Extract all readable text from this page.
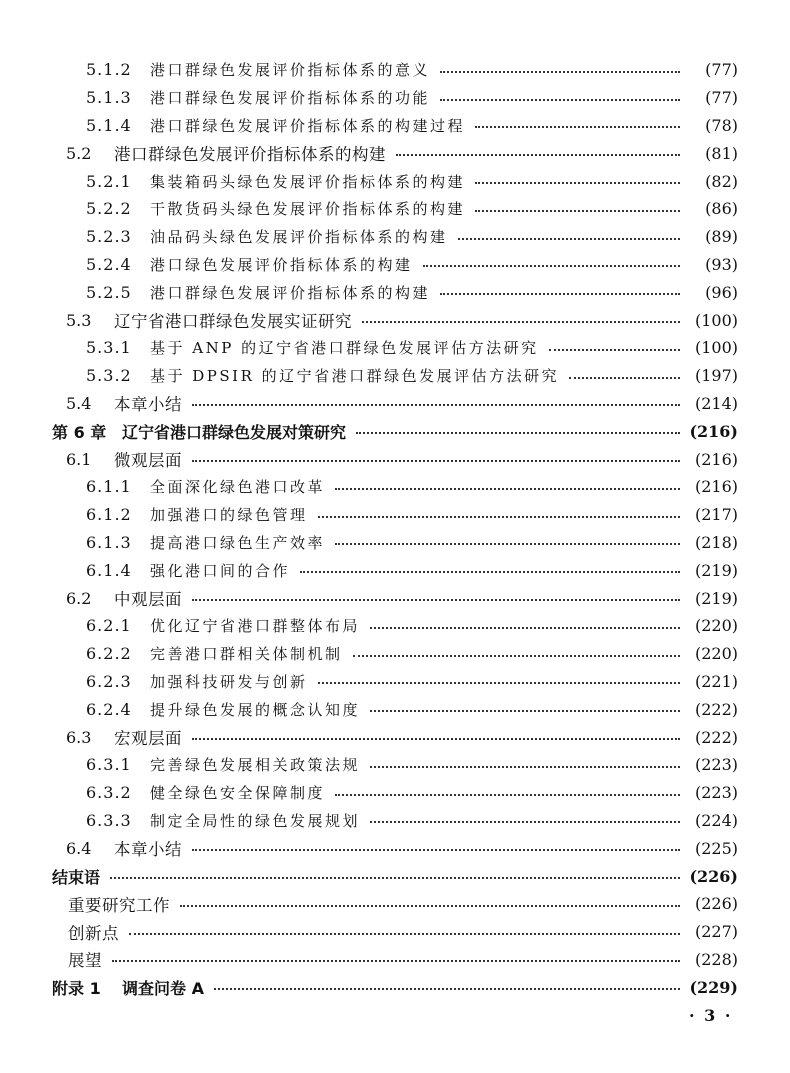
5.1.2	港口群绿色发展评价指标体系的意义	(77)
5.1.3	港口群绿色发展评价指标体系的功能	(77)
5.1.4	港口群绿色发展评价指标体系的构建过程	(78)
5.2	港口群绿色发展评价指标体系的构建	(81)
5.2.1	集装箱码头绿色发展评价指标体系的构建	(82)
5.2.2	干散货码头绿色发展评价指标体系的构建	(86)
5.2.3	油品码头绿色发展评价指标体系的构建	(89)
5.2.4	港口绿色发展评价指标体系的构建	(93)
5.2.5	港口群绿色发展评价指标体系的构建	(96)
5.3	辽宁省港口群绿色发展实证研究	(100)
5.3.1	基于 ANP 的辽宁省港口群绿色发展评估方法研究	(100)
5.3.2	基于 DPSIR 的辽宁省港口群绿色发展评估方法研究	(197)
5.4	本章小结	(214)
第 6 章 辽宁省港口群绿色发展对策研究	(216)
6.1	微观层面	(216)
6.1.1	全面深化绿色港口改革	(216)
6.1.2	加强港口的绿色管理	(217)
6.1.3	提高港口绿色生产效率	(218)
6.1.4	强化港口间的合作	(219)
6.2	中观层面	(219)
6.2.1	优化辽宁省港口群整体布局	(220)
6.2.2	完善港口群相关体制机制	(220)
6.2.3	加强科技研发与创新	(221)
6.2.4	提升绿色发展的概念认知度	(222)
6.3	宏观层面	(222)
6.3.1	完善绿色发展相关政策法规	(223)
6.3.2	健全绿色安全保障制度	(223)
6.3.3	制定全局性的绿色发展规划	(224)
6.4	本章小结	(225)
结束语	(226)
重要研究工作	(226)
创新点	(227)
展望	(228)
附录 1	调查问卷 A	(229)
· 3 ·
